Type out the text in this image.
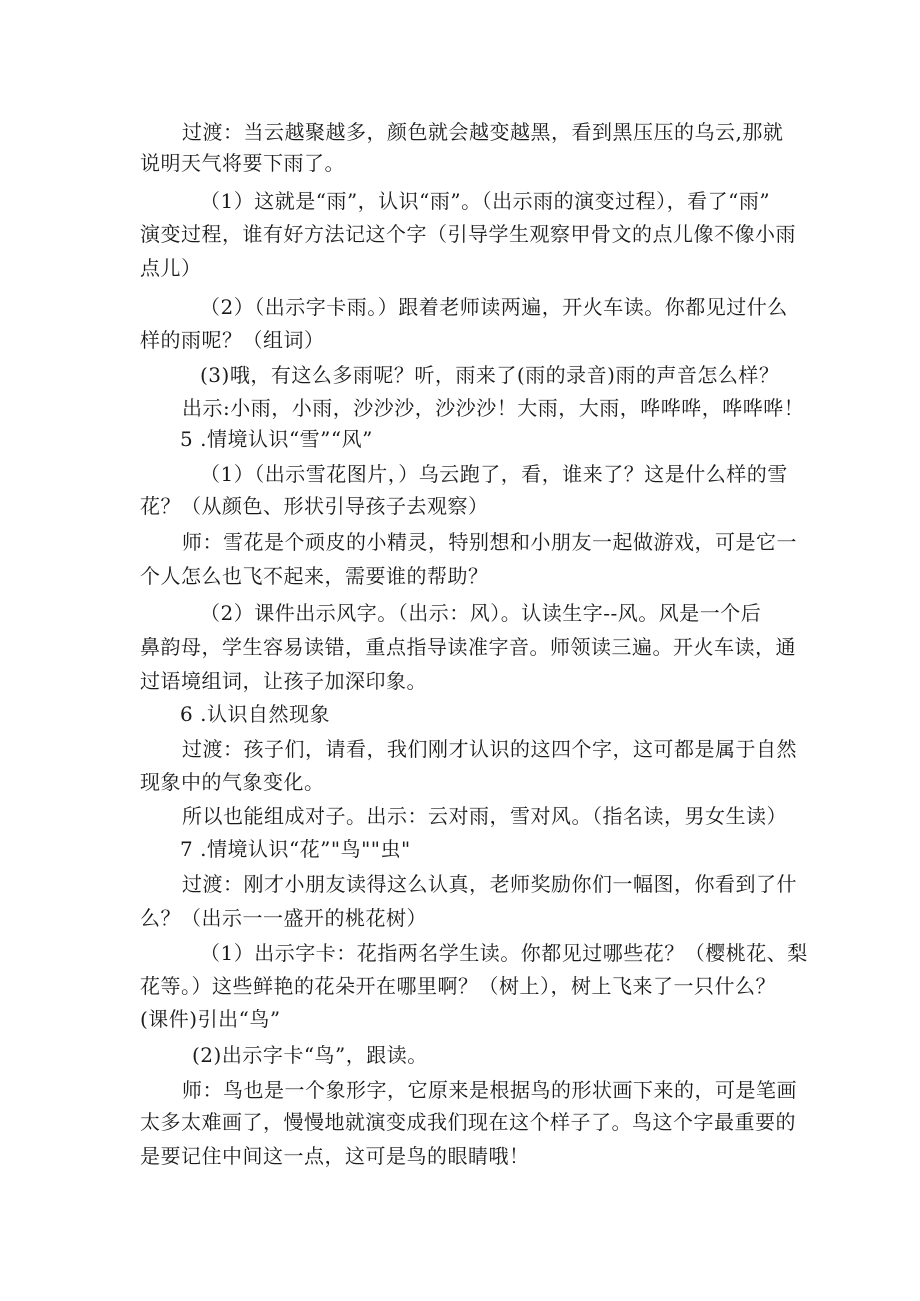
过渡：当云越聚越多，颜色就会越变越黑，看到黑压压的乌云,那就
说明天气将要下雨了。
（1）这就是“雨”，认识“雨”。（出示雨的演变过程），看了“雨”
演变过程，谁有好方法记这个字（引导学生观察甲骨文的点儿像不像小雨
点儿）
（2）（出示字卡雨。）跟着老师读两遍，开火车读。你都见过什么
样的雨呢？（组词）
(3)哦，有这么多雨呢？听，雨来了(雨的录音)雨的声音怎么样？
出示:小雨，小雨，沙沙沙，沙沙沙！大雨，大雨，哗哗哗，哗哗哗！
5 .情境认识“雪”“风”
（1）（出示雪花图片，）乌云跑了，看，谁来了？这是什么样的雪
花？（从颜色、形状引导孩子去观察）
师：雪花是个顽皮的小精灵，特别想和小朋友一起做游戏，可是它一
个人怎么也飞不起来，需要谁的帮助？
（2）课件出示风字。（出示：风）。认读生字--风。风是一个后
鼻韵母，学生容易读错，重点指导读准字音。师领读三遍。开火车读，通
过语境组词，让孩子加深印象。
6 .认识自然现象
过渡：孩子们，请看，我们刚才认识的这四个字，这可都是属于自然
现象中的气象变化。
所以也能组成对子。出示：云对雨，雪对风。（指名读，男女生读）
7 .情境认识“花”"鸟""虫"
过渡：刚才小朋友读得这么认真，老师奖励你们一幅图，你看到了什
么？（出示一一盛开的桃花树）
（1）出示字卡：花指两名学生读。你都见过哪些花？（樱桃花、梨
花等。）这些鲜艳的花朵开在哪里啊？（树上），树上飞来了一只什么？
(课件)引出“鸟”
(2)出示字卡“鸟”，跟读。
师：鸟也是一个象形字，它原来是根据鸟的形状画下来的，可是笔画
太多太难画了，慢慢地就演变成我们现在这个样子了。鸟这个字最重要的
是要记住中间这一点，这可是鸟的眼睛哦！
